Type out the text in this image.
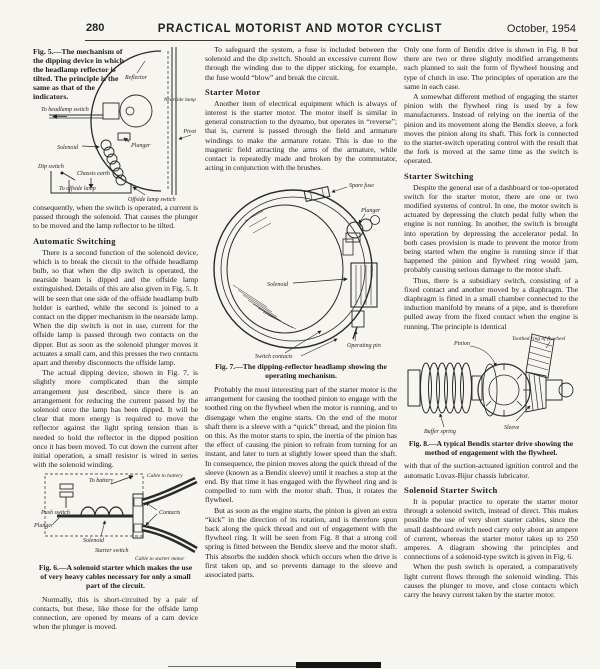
280	PRACTICAL MOTORIST AND MOTOR CYCLIST	October, 1954
Reflector
To headlamp switch
Nearside lamp
Pivot
Plunger
Solenoid
Dip switch
Chassis earth
To offside lamp
Offside lamp switch
Fig. 5.—The mechanism of the dipping device in which the headlamp reflector is tilted. The principle is the same as that of the indicators.

consequently, when the switch is operated, a current is passed through the solenoid. That causes the plunger to be moved and the lamp reflector to be tilted.

Automatic Switching

There is a second function of the solenoid device, which is to break the circuit to the offside headlamp bulb, so that when the dip switch is operated, the nearside beam is dipped and the offside lamp extinguished. Details of this are also given in Fig. 5. It will be seen that one side of the offside headlamp bulb holder is earthed, while the second is joined to a contact on the dipper mechanism in the nearside lamp. When the dip switch is not in use, current for the offside lamp is passed through two contacts on the dipper. But as soon as the solenoid plunger moves it actuates a small cam, and this presses the two contacts apart and thereby disconnects the offside lamp.

The actual dipping device, shown in Fig. 7, is slightly more complicated than the simple arrangement just described, since there is an arrangement for reducing the current passed by the solenoid once the lamp has been dipped. It will be clear that more energy is required to move the reflector against the light spring tension than is needed to hold the reflector in the dipped position once it has been moved. To cut down the current after initial operation, a small resistor is wired in series with the solenoid winding.

To battery
Cable to battery
Push switch
Plunger
Solenoid
Starter switch
Contacts
Cable to starter motor
Fig. 6.—A solenoid starter which makes the use of very heavy cables necessary for only a small part of the circuit.

Normally, this is short-circuited by a pair of contacts, but these, like those for the offside lamp connection, are opened by means of a cam device when the plunger is moved.

To safeguard the system, a fuse is included between the solenoid and the dip switch. Should an excessive current flow through the winding due to the dipper sticking, for example, the fuse would “blow” and break the circuit.

Starter Motor

Another item of electrical equipment which is always of interest is the starter motor. The motor itself is similar in general construction to the dynamo, but operates in “reverse”; that is, current is passed through the field and armature windings to make the armature rotate. This is due to the magnetic field attracting the arms of the armature, while contact is repeatedly made and broken by the commutator, acting in conjunction with the brushes.

Spare fuse
Plunger
Solenoid
Operating pin
Switch contacts
Fig. 7.—The dipping-reflector headlamp showing the operating mechanism.

Probably the most interesting part of the starter motor is the arrangement for causing the toothed pinion to engage with the toothed ring on the flywheel when the motor is running, and to disengage when the engine starts. On the end of the motor shaft there is a sleeve with a “quick” thread, and the pinion fits on this. As the motor starts to spin, the inertia of the pinion has the effect of causing the pinion to refrain from turning for an instant, and later to turn at slightly lower speed than the shaft. In consequence, the pinion moves along the quick thread of the sleeve (known as a Bendix sleeve) until it reaches a stop at the end. By that time it has engaged with the flywheel ring and is compelled to turn with the motor shaft. Thus, it rotates the flywheel.

But as soon as the engine starts, the pinion is given an extra “kick” in the direction of its rotation, and is therefore spun back along the quick thread and out of engagement with the flywheel ring. It will be seen from Fig. 8 that a strong coil spring is fitted between the Bendix sleeve and the motor shaft. This absorbs the sudden shock which occurs when the drive is first taken up, and so prevents damage to the sleeve and associated parts.

Only one form of Bendix drive is shown in Fig. 8 but there are two or three slightly modified arrangements each planned to suit the form of flywheel housing and type of clutch in use. The principles of operation are the same in each case.

A somewhat different method of engaging the starter pinion with the flywheel ring is used by a few manufacturers. Instead of relying on the inertia of the pinion and its movement along the Bendix sleeve, a fork moves the pinion along its shaft. This fork is connected to the starter-switch operating control with the result that the fork is moved at the same time as the switch is operated.

Starter Switching

Despite the general use of a dashboard or toe-operated switch for the starter motor, there are one or two modified systems of control. In one, the motor switch is actuated by depressing the clutch pedal fully when the engine is not running. In another, the switch is brought into operation by depressing the accelerator pedal. In both cases provision is made to prevent the motor from being started when the engine is running since if that happened the pinion and flywheel ring would jam, probably causing serious damage to the motor shaft.

Thus, there is a subsidiary switch, consisting of a fixed contact and another moved by a diaphragm. The diaphragm is fitted in a small chamber connected to the induction manifold by means of a pipe, and is therefore pulled away from the fixed contact when the engine is running. The principle is identical

Pinion
Toothed ring of flywheel
Buffer spring
Sleeve
Fig. 8.—A typical Bendix starter drive showing the method of engagement with the flywheel.

with that of the suction-actuated ignition control and the automatic Luvax-Bijur chassis lubricator.

Solenoid Starter Switch

It is popular practice to operate the starter motor through a solenoid switch, instead of direct. This makes possible the use of very short starter cables, since the small dashboard switch need carry only about an ampere of current, whereas the starter motor takes up to 250 amperes. A diagram showing the principles and connections of a solenoid-type switch is given in Fig. 6.

When the push switch is operated, a comparatively light current flows through the solenoid winding. This causes the plunger to move, and close contacts which carry the heavy current taken by the starter motor.
